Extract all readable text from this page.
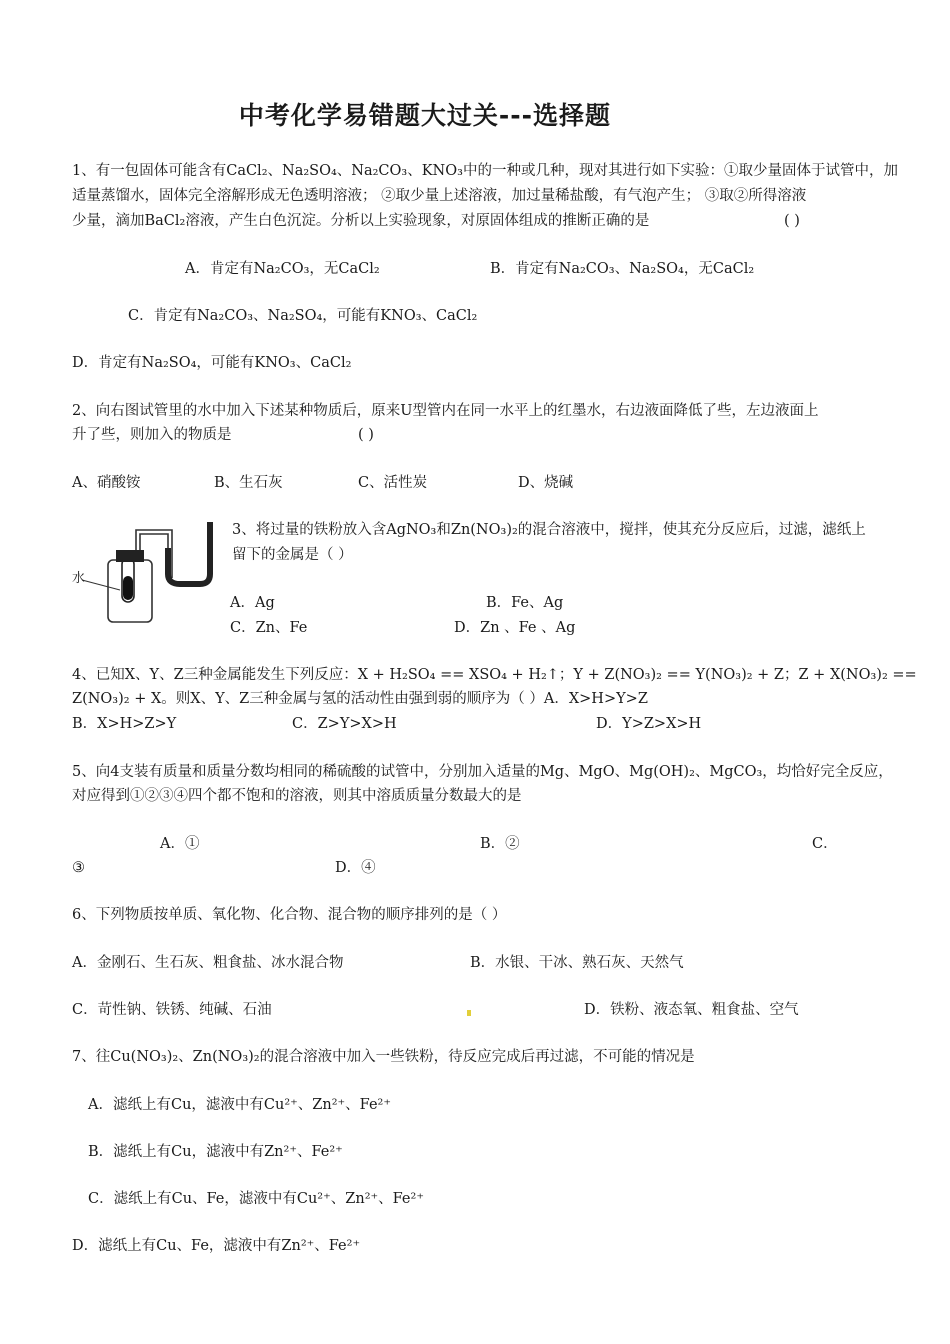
中考化学易错题大过关---选择题
1、有一包固体可能含有CaCl₂、Na₂SO₄、Na₂CO₃、KNO₃中的一种或几种，现对其进行如下实验：①取少量固体于试管中，加
适量蒸馏水，固体完全溶解形成无色透明溶液； ②取少量上述溶液，加过量稀盐酸，有气泡产生； ③取②所得溶液
少量，滴加BaCl₂溶液，产生白色沉淀。分析以上实验现象，对原固体组成的推断正确的是	( )
A．肯定有Na₂CO₃，无CaCl₂	B．肯定有Na₂CO₃、Na₂SO₄，无CaCl₂
C．肯定有Na₂CO₃、Na₂SO₄，可能有KNO₃、CaCl₂
D．肯定有Na₂SO₄，可能有KNO₃、CaCl₂
2、向右图试管里的水中加入下述某种物质后，原来U型管内在同一水平上的红墨水，右边液面降低了些，左边液面上
升了些，则加入的物质是	( )
A、硝酸铵	B、生石灰	C、活性炭	D、烧碱
水
3、将过量的铁粉放入含AgNO₃和Zn(NO₃)₂的混合溶液中，搅拌，使其充分反应后，过滤，滤纸上
留下的金属是（ ）
A．Ag	B．Fe、Ag
C．Zn、Fe	D．Zn 、Fe 、Ag
4、已知X、Y、Z三种金属能发生下列反应：X + H₂SO₄ == XSO₄ + H₂↑；Y + Z(NO₃)₂ == Y(NO₃)₂ + Z；Z + X(NO₃)₂ ==
Z(NO₃)₂ + X。则X、Y、Z三种金属与氢的活动性由强到弱的顺序为（ ）A．X>H>Y>Z
B．X>H>Z>Y	C．Z>Y>X>H	D．Y>Z>X>H
5、向4支装有质量和质量分数均相同的稀硫酸的试管中，分别加入适量的Mg、MgO、Mg(OH)₂、MgCO₃，均恰好完全反应，
对应得到①②③④四个都不饱和的溶液，则其中溶质质量分数最大的是
A．①	B．②	C．
③	D．④
6、下列物质按单质、氧化物、化合物、混合物的顺序排列的是（ ）
A．金刚石、生石灰、粗食盐、冰水混合物	B．水银、干冰、熟石灰、天然气
C．苛性钠、铁锈、纯碱、石油	D．铁粉、液态氧、粗食盐、空气
7、往Cu(NO₃)₂、Zn(NO₃)₂的混合溶液中加入一些铁粉，待反应完成后再过滤，不可能的情况是
A．滤纸上有Cu，滤液中有Cu²⁺、Zn²⁺、Fe²⁺
B．滤纸上有Cu，滤液中有Zn²⁺、Fe²⁺
C．滤纸上有Cu、Fe，滤液中有Cu²⁺、Zn²⁺、Fe²⁺
D．滤纸上有Cu、Fe，滤液中有Zn²⁺、Fe²⁺
